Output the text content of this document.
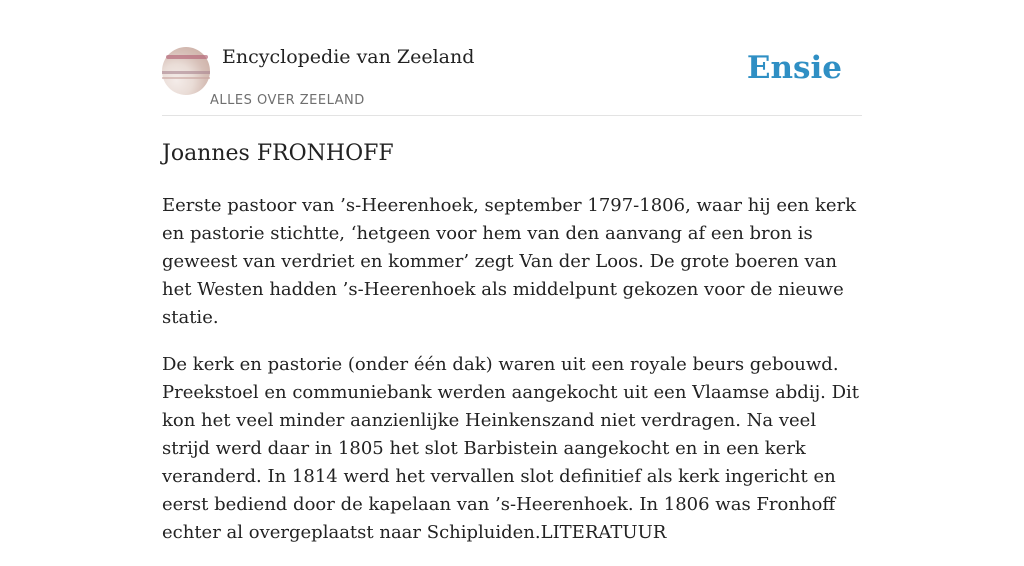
Encyclopedie van Zeeland
ALLES OVER ZEELAND
Ensie
Joannes FRONHOFF

Eerste pastoor van ’s-Heerenhoek, september 1797-1806, waar hij een kerk en pastorie stichtte, ‘hetgeen voor hem van den aanvang af een bron is geweest van verdriet en kommer’ zegt Van der Loos. De grote boeren van het Westen hadden ’s-Heerenhoek als middelpunt gekozen voor de nieuwe statie.

De kerk en pastorie (onder één dak) waren uit een royale beurs gebouwd. Preekstoel en communiebank werden aangekocht uit een Vlaamse abdij. Dit kon het veel minder aanzienlijke Heinkenszand niet verdragen. Na veel strijd werd daar in 1805 het slot Barbistein aangekocht en in een kerk veranderd. In 1814 werd het vervallen slot definitief als kerk ingericht en eerst bediend door de kapelaan van ’s-Heerenhoek. In 1806 was Fronhoff echter al overgeplaatst naar Schipluiden.LITERATUUR
